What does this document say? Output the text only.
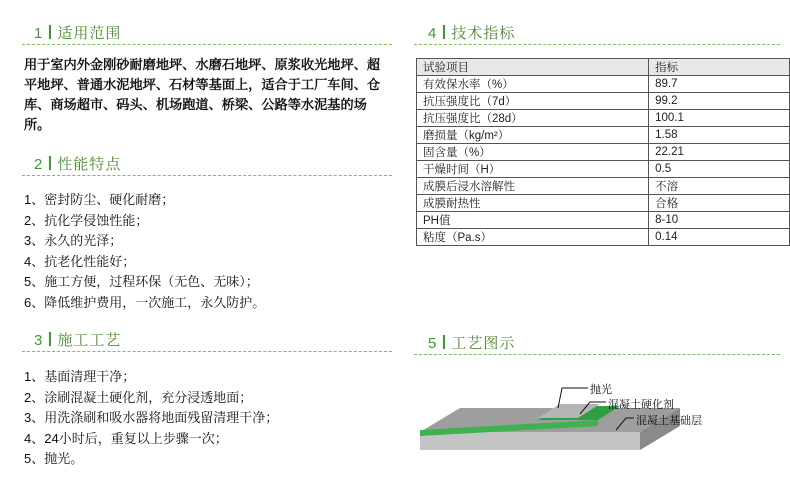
1 适用范围
用于室内外金刚砂耐磨地坪、水磨石地坪、原浆收光地坪、超平地坪、普通水泥地坪、石材等基面上，适合于工厂车间、仓库、商场超市、码头、机场跑道、桥梁、公路等水泥基的场所。
2 性能特点
1、密封防尘、硬化耐磨；
2、抗化学侵蚀性能；
3、永久的光泽；
4、抗老化性能好；
5、施工方便，过程环保（无色、无味）；
6、降低维护费用，一次施工，永久防护。
3 施工工艺
1、基面清理干净；
2、涂刷混凝土硬化剂，充分浸透地面；
3、用洗涤刷和吸水器将地面残留清理干净；
4、24小时后，重复以上步骤一次；
5、抛光。
4 技术指标
试验项目	指标
有效保水率（%）	89.7
抗压强度比（7d）	99.2
抗压强度比（28d）	100.1
磨损量（kg/m²）	1.58
固含量（%）	22.21
干燥时间（H）	0.5
成膜后浸水溶解性	不溶
成膜耐热性	合格
PH值	8-10
粘度（Pa.s）	0.14
5 工艺图示
抛光
混凝土硬化剂
混凝土基础层
